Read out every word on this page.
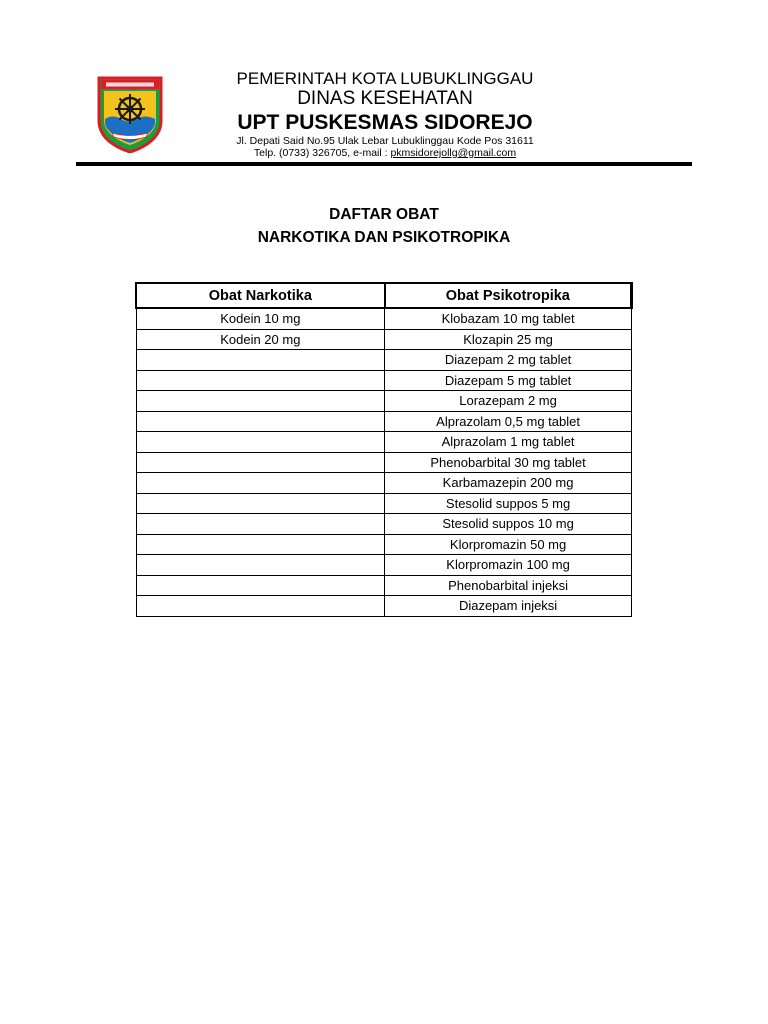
PEMERINTAH KOTA LUBUKLINGGAU
DINAS KESEHATAN
UPT PUSKESMAS SIDOREJO
Jl. Depati Said No.95 Ulak Lebar Lubuklinggau Kode Pos 31611
Telp. (0733) 326705, e-mail : pkmsidorejollg@gmail.com
DAFTAR OBAT
NARKOTIKA DAN PSIKOTROPIKA
Obat Narkotika	Obat Psikotropika
Kodein 10 mg	Klobazam 10 mg tablet
Kodein 20 mg	Klozapin 25 mg
	Diazepam 2 mg tablet
	Diazepam 5 mg tablet
	Lorazepam 2 mg
	Alprazolam 0,5 mg tablet
	Alprazolam 1 mg tablet
	Phenobarbital 30 mg tablet
	Karbamazepin 200 mg
	Stesolid suppos 5 mg
	Stesolid suppos 10 mg
	Klorpromazin 50 mg
	Klorpromazin 100 mg
	Phenobarbital injeksi
	Diazepam injeksi
